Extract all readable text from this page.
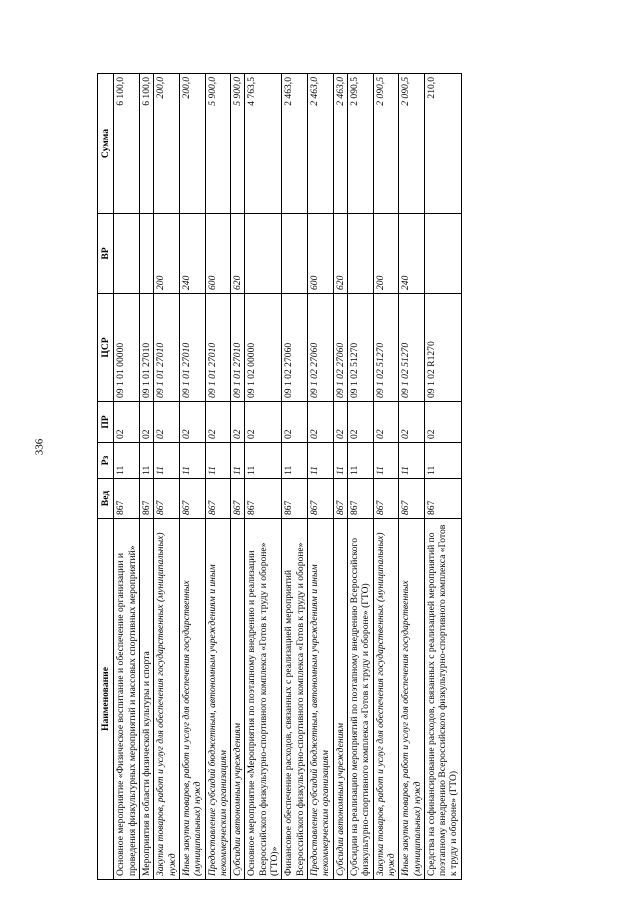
336
Наименование	Вед	Рз	ПР	ЦСР	ВР	Сумма
Основное мероприятие «Физическое воспитание и обеспечение организации и проведения физкультурных мероприятий и массовых спортивных мероприятий»	867	11	02	09 1 01 00000		6 100,0
Мероприятия в области физической культуры и спорта	867	11	02	09 1 01 27010		6 100,0
Закупка товаров, работ и услуг для обеспечения государственных (муниципальных) нужд	867	11	02	09 1 01 27010	200	200,0
Иные закупки товаров, работ и услуг для обеспечения государственных (муниципальных) нужд	867	11	02	09 1 01 27010	240	200,0
Предоставление субсидий бюджетным, автономным учреждениям и иным некоммерческим организациям	867	11	02	09 1 01 27010	600	5 900,0
Субсидии автономным учреждениям	867	11	02	09 1 01 27010	620	5 900,0
Основное мероприятие «Мероприятия по поэтапному внедрению и реализации Всероссийского физкультурно-спортивного комплекса «Готов к труду и обороне» (ГТО)»	867	11	02	09 1 02 00000		4 763,5
Финансовое обеспечение расходов, связанных с реализацией мероприятий Всероссийского физкультурно-спортивного комплекса «Готов к труду и обороне»	867	11	02	09 1 02 27060		2 463,0
Предоставление субсидий бюджетным, автономным учреждениям и иным некоммерческим организациям	867	11	02	09 1 02 27060	600	2 463,0
Субсидии автономным учреждениям	867	11	02	09 1 02 27060	620	2 463,0
Субсидии на реализацию мероприятий по поэтапному внедрению Всероссийского физкультурно-спортивного комплекса «Готов к труду и обороне» (ГТО)	867	11	02	09 1 02 51270		2 090,5
Закупка товаров, работ и услуг для обеспечения государственных (муниципальных) нужд	867	11	02	09 1 02 51270	200	2 090,5
Иные закупки товаров, работ и услуг для обеспечения государственных (муниципальных) нужд	867	11	02	09 1 02 51270	240	2 090,5
Средства на софинансирование расходов, связанных с реализацией мероприятий по поэтапному внедрению Всероссийского физкультурно-спортивного комплекса «Готов к труду и обороне» (ГТО)	867	11	02	09 1 02 R1270		210,0
